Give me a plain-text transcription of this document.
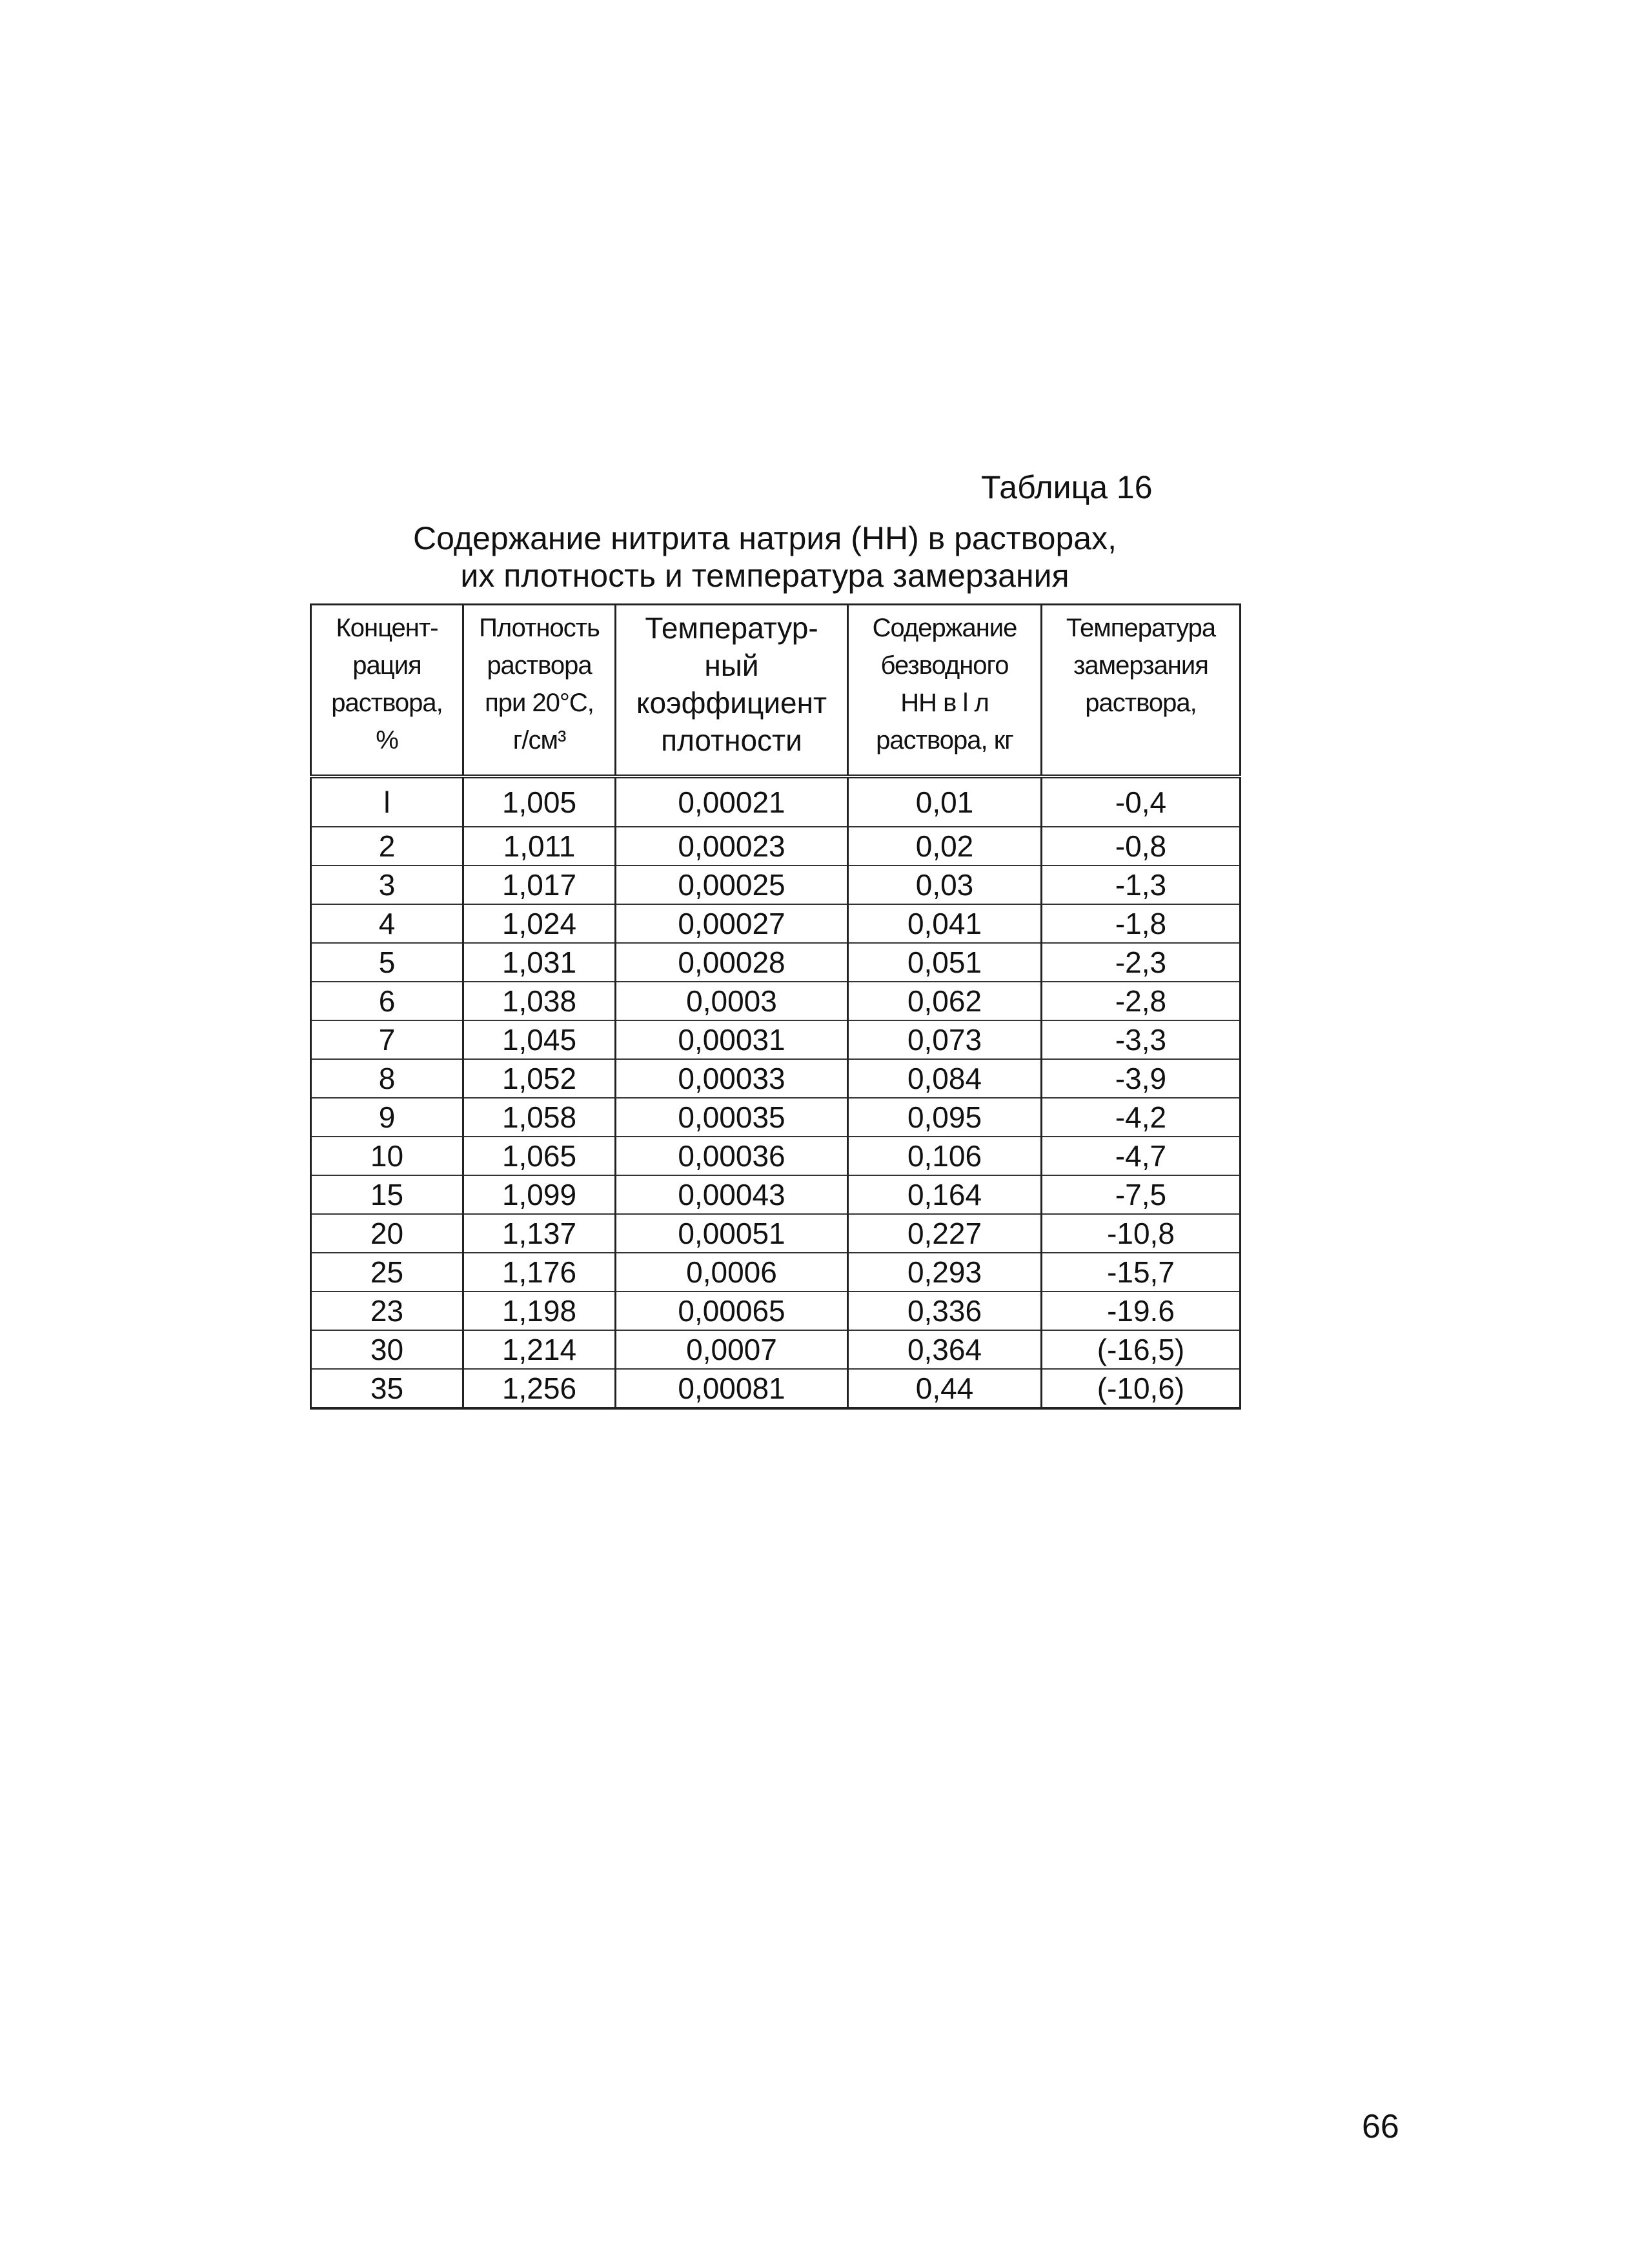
Таблица 16
Содержание нитрита натрия (НН) в растворах,
их плотность и температура замерзания
Концент-
рация
раствора,
%	Плотность
раствора
при 20°С,
г/см³	Температур-
ный
коэффициент
плотности	Содержание
безводного
НН в l л
раствора, кг	Температура
замерзания
раствора,

l	1,005	0,00021	0,01	-0,4
2	1,011	0,00023	0,02	-0,8
3	1,017	0,00025	0,03	-1,3
4	1,024	0,00027	0,041	-1,8
5	1,031	0,00028	0,051	-2,3
6	1,038	0,0003	0,062	-2,8
7	1,045	0,00031	0,073	-3,3
8	1,052	0,00033	0,084	-3,9
9	1,058	0,00035	0,095	-4,2
10	1,065	0,00036	0,106	-4,7
15	1,099	0,00043	0,164	-7,5
20	1,137	0,00051	0,227	-10,8
25	1,176	0,0006	0,293	-15,7
23	1,198	0,00065	0,336	-19.6
30	1,214	0,0007	0,364	(-16,5)
35	1,256	0,00081	0,44	(-10,6)
66
